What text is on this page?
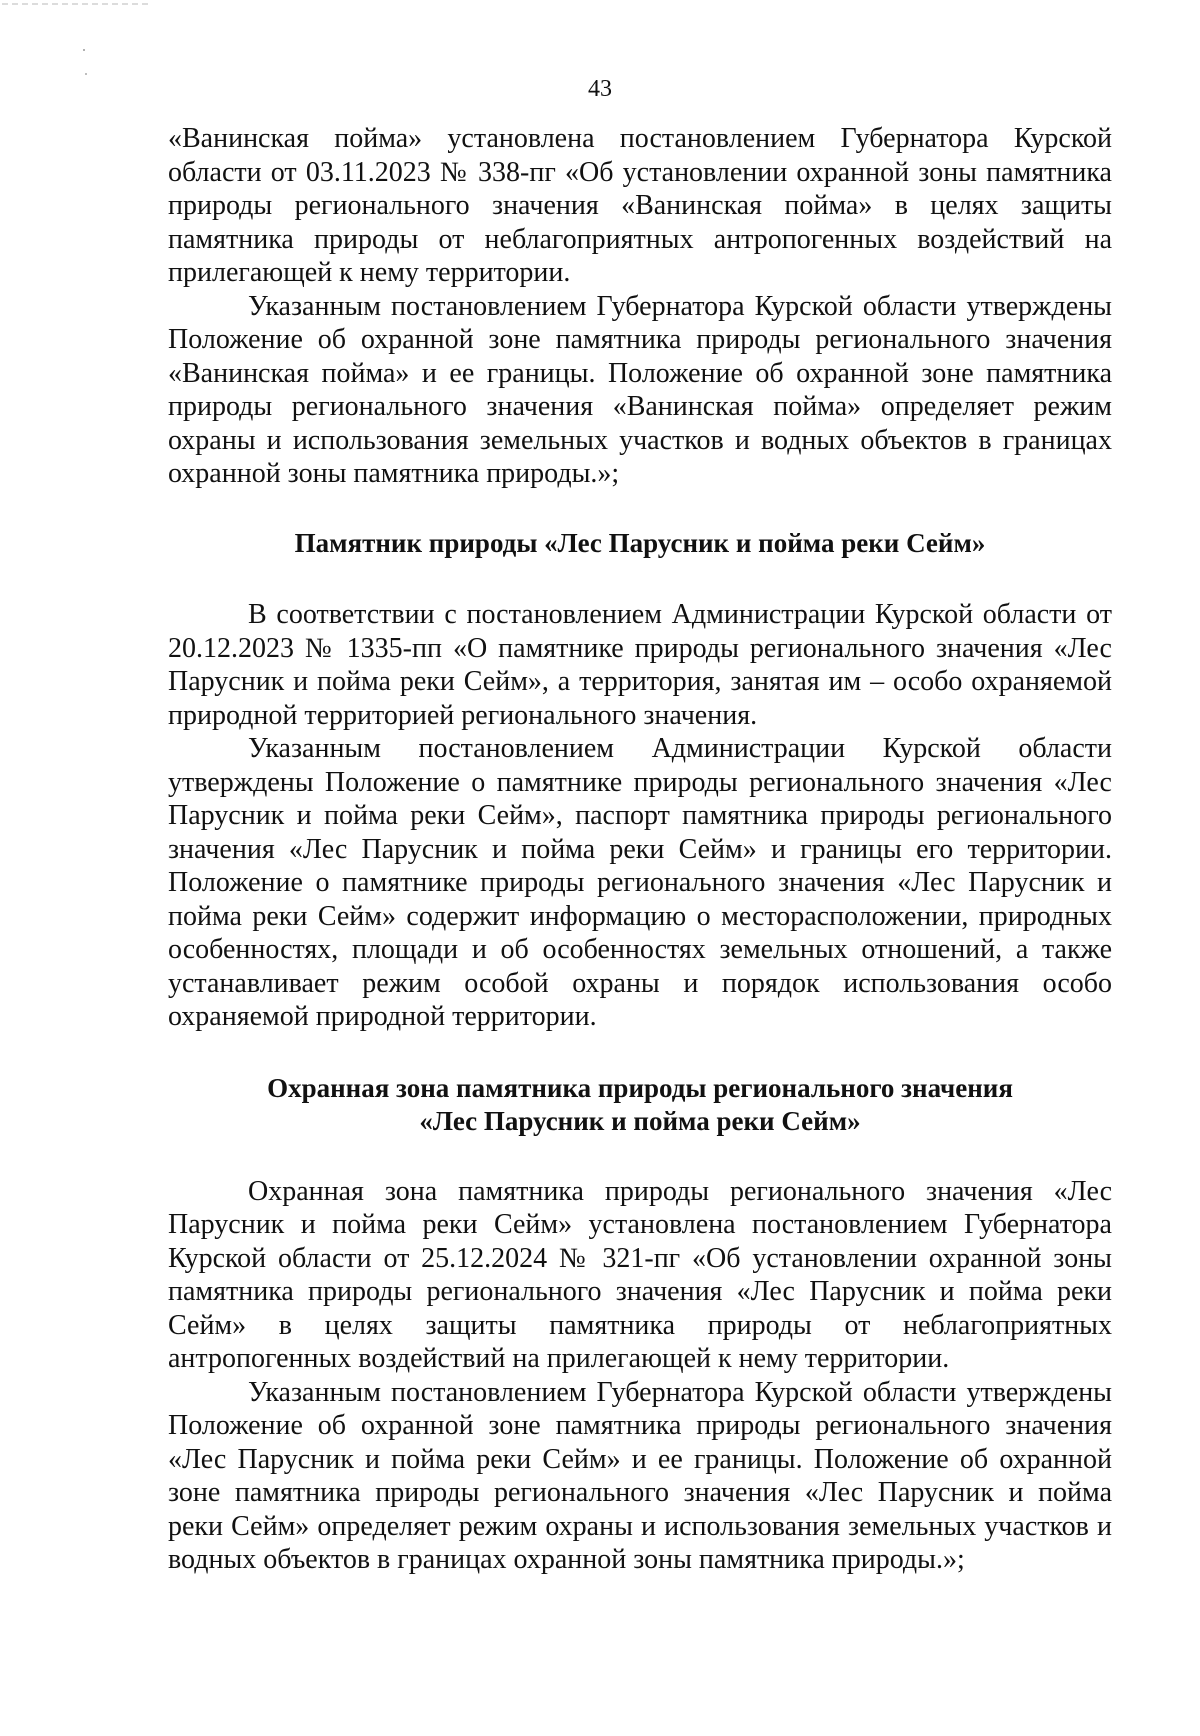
43

«Ванинская пойма» установлена постановлением Губернатора Курской области от 03.11.2023 № 338-пг «Об установлении охранной зоны памятника природы регионального значения «Ванинская пойма» в целях защиты памятника природы от неблагоприятных антропогенных воздействий на прилегающей к нему территории.

Указанным постановлением Губернатора Курской области утверждены Положение об охранной зоне памятника природы регионального значения «Ванинская пойма» и ее границы. Положение об охранной зоне памятника природы регионального значения «Ванинская пойма» определяет режим охраны и использования земельных участков и водных объектов в границах охранной зоны памятника природы.»;

Памятник природы «Лес Парусник и пойма реки Сейм»

В соответствии с постановлением Администрации Курской области от 20.12.2023 № 1335-пп «О памятнике природы регионального значения «Лес Парусник и пойма реки Сейм», а территория, занятая им – особо охраняемой природной территорией регионального значения.

Указанным постановлением Администрации Курской области утверждены Положение о памятнике природы регионального значения «Лес Парусник и пойма реки Сейм», паспорт памятника природы регионального значения «Лес Парусник и пойма реки Сейм» и границы его территории. Положение о памятнике природы регионаљного значения «Лес Парусник и пойма реки Сейм» содержит информацию о месторасположении, природных особенностях, площади и об особенностях земельных отношений, а также устанавливает режим особой охраны и порядок использования особо охраняемой природной территории.

Охранная зона памятника природы регионального значения

«Лес Парусник и пойма реки Сейм»

Охранная зона памятника природы регионального значения «Лес Парусник и пойма реки Сейм» установлена постановлением Губернатора Курской области от 25.12.2024 № 321-пг «Об установлении охранной зоны памятника природы регионального значения «Лес Парусник и пойма реки Сейм» в целях защиты памятника природы от неблагоприятных антропогенных воздействий на прилегающей к нему территории.

Указанным постановлением Губернатора Курской области утверждены Положение об охранной зоне памятника природы регионального значения «Лес Парусник и пойма реки Сейм» и ее границы. Положение об охранной зоне памятника природы регионального значения «Лес Парусник и пойма реки Сейм» определяет режим охраны и использования земельных участков и водных объектов в границах охранной зоны памятника природы.»;
